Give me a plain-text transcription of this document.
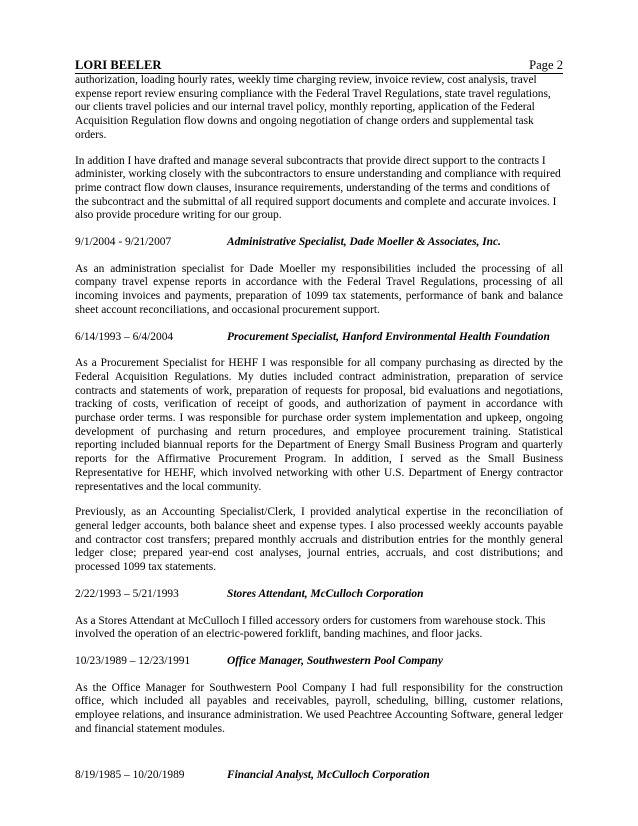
LORI BEELER	Page 2

authorization, loading hourly rates, weekly time charging review, invoice review, cost analysis, travel expense report review ensuring compliance with the Federal Travel Regulations, state travel regulations, our clients travel policies and our internal travel policy, monthly reporting, application of the Federal Acquisition Regulation flow downs and ongoing negotiation of change orders and supplemental task orders.

In addition I have drafted and manage several subcontracts that provide direct support to the contracts I administer, working closely with the subcontractors to ensure understanding and compliance with required prime contract flow down clauses, insurance requirements, understanding of the terms and conditions of the subcontract and the submittal of all required support documents and complete and accurate invoices. I also provide procedure writing for our group.

9/1/2004 - 9/21/2007	Administrative Specialist, Dade Moeller & Associates, Inc.

As an administration specialist for Dade Moeller my responsibilities included the processing of all company travel expense reports in accordance with the Federal Travel Regulations, processing of all incoming invoices and payments, preparation of 1099 tax statements, performance of bank and balance sheet account reconciliations, and occasional procurement support.

6/14/1993 – 6/4/2004	Procurement Specialist, Hanford Environmental Health Foundation

As a Procurement Specialist for HEHF I was responsible for all company purchasing as directed by the Federal Acquisition Regulations. My duties included contract administration, preparation of service contracts and statements of work, preparation of requests for proposal, bid evaluations and negotiations, tracking of costs, verification of receipt of goods, and authorization of payment in accordance with purchase order terms. I was responsible for purchase order system implementation and upkeep, ongoing development of purchasing and return procedures, and employee procurement training. Statistical reporting included biannual reports for the Department of Energy Small Business Program and quarterly reports for the Affirmative Procurement Program. In addition, I served as the Small Business Representative for HEHF, which involved networking with other U.S. Department of Energy contractor representatives and the local community.

Previously, as an Accounting Specialist/Clerk, I provided analytical expertise in the reconciliation of general ledger accounts, both balance sheet and expense types. I also processed weekly accounts payable and contractor cost transfers; prepared monthly accruals and distribution entries for the monthly general ledger close; prepared year-end cost analyses, journal entries, accruals, and cost distributions; and processed 1099 tax statements.

2/22/1993 – 5/21/1993	Stores Attendant, McCulloch Corporation

As a Stores Attendant at McCulloch I filled accessory orders for customers from warehouse stock. This involved the operation of an electric-powered forklift, banding machines, and floor jacks.

10/23/1989 – 12/23/1991	Office Manager, Southwestern Pool Company

As the Office Manager for Southwestern Pool Company I had full responsibility for the construction office, which included all payables and receivables, payroll, scheduling, billing, customer relations, employee relations, and insurance administration. We used Peachtree Accounting Software, general ledger and financial statement modules.

8/19/1985 – 10/20/1989	Financial Analyst, McCulloch Corporation
